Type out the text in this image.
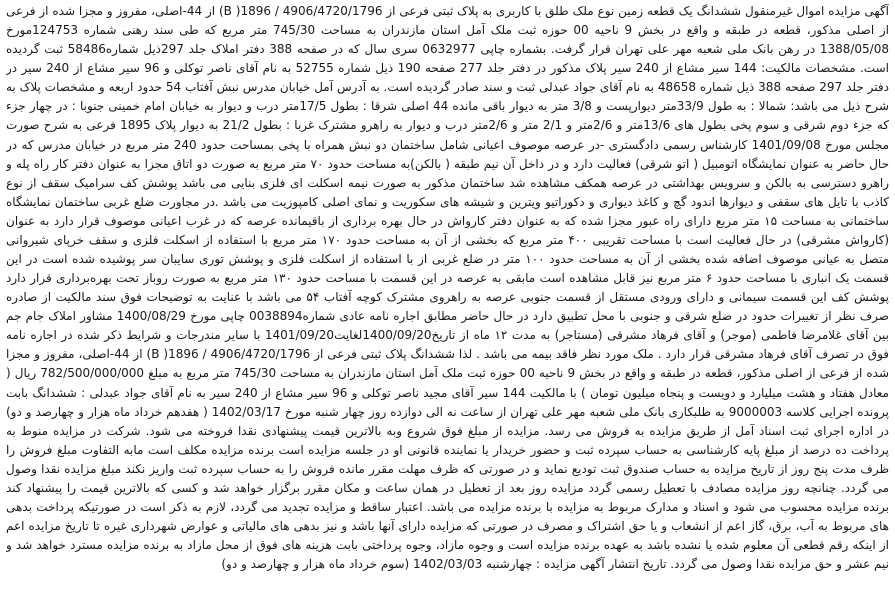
آگهی مزایده اموال غیرمنقول ششدانگ یک قطعه زمین نوع ملک طلق با کاربری به پلاک ثبتی فرعی از 4906/4720/1796 / 1896( B) از 44-اصلی، مفروز و مجزا شده از فرعی از اصلی مذکور، قطعه در طبقه و واقع در بخش 9 ناحیه 00 حوزه ثبت ملک آمل استان مازندران به مساحت 745/30 متر مربع که طی سند رهنی شماره 124753مورخ 1388/05/08 در رهن بانک ملی شعبه مهر علی تهران قرار گرفت. بشماره چاپی 0632977 سری سال که در صفحه 388 دفتر املاک جلد 297ذیل شماره58486 ثبت گردیده است. مشخصات مالکیت: 144 سیر مشاع از 240 سیر پلاک مذکور در دفتر جلد 277 صفحه 190 ذیل شماره 52755 به نام آقای ناصر توکلی و 96 سیر مشاع از 240 سیر در دفتر جلد 297 صفحه 388 ذیل شماره 48658 به نام آقای جواد عبدلی ثبت و سند صادر گردیده است. به آدرس آمل خیابان مدرس نبش آفتاب 54 حدود اربعه و مشخصات پلاک به شرح ذیل می باشد: شمالا : به طول 33/9متر دیوارپست و 3/8 متر به دیوار باقی مانده 44 اصلی شرقا : بطول 17/5متر درب و دیوار به خیابان امام خمینی جنوبا : در چهار جزء که جزء دوم شرقی و سوم پخی بطول های 13/6متر و 2/6متر و 2/1 متر و 2/6متر درب و دیوار به راهرو مشترک غربا : بطول 21/2 به دیوار پلاک 1895 فرعی به شرح صورت مجلس مورخ 1401/09/08 کارشناس رسمی دادگستری -در عرصه موصوف اعیانی شامل ساختمان دو نبش همراه با پخی بمساحت حدود 240 متر مربع در خیابان مدرس که در حال حاضر به عنوان نمایشگاه اتومبیل ( اتو شرقی) فعالیت دارد و در داخل آن نیم طبقه ( بالکن)به مساحت حدود ۷۰ متر مربع به صورت دو اتاق مجزا به عنوان دفتر کار راه پله و راهرو دسترسی به بالکن و سرویس بهداشتی در عرصه همکف مشاهده شد ساختمان مذکور به صورت نیمه اسکلت ای فلزی بنایی می باشد پوشش کف سرامیک سقف از نوع کاذب با تایل های سقفی و دیوارها اندود گچ و کاغذ دیواری و دکوراتیو ویترین و شیشه های سکوریت و نمای اصلی کامپوزیت می باشد .در مجاورت ضلع غربی ساختمان نمایشگاه ساختمانی به مساحت ۱۵ متر مربع دارای راه عبور مجزا شده که به عنوان دفتر کارواش در حال بهره برداری از باقیمانده عرصه که در غرب اعیانی موصوف قرار دارد به عنوان (کارواش مشرقی) در حال فعالیت است با مساحت تقریبی ۴۰۰ متر مربع که بخشی از آن به مساحت حدود ۱۷۰ متر مربع با استفاده از اسکلت فلزی و سقف خرپای شیروانی متصل به عیانی موصوف اضافه شده بخشی از آن به مساحت حدود ۱۰۰ متر در ضلع غربی از با استفاده از اسکلت فلزی و پوشش توری سایبان سر پوشیده شده است در این قسمت یک انباری با مساحت حدود ۶ متر مربع نیز قابل مشاهده است مابقی به عرصه در این قسمت با مساحت حدود ۱۳۰ متر مربع به صورت روباز تحت بهره‌برداری قرار دارد پوشش کف این قسمت سیمانی و دارای ورودی مستقل از قسمت جنوبی عرصه به راهروی مشترک کوچه آفتاب ۵۴ می باشد با عنایت به توضیحات فوق سند مالکیت از صادره صرف نظر از تغییرات حدود در ضلع شرقی و جنوبی با محل تطبیق دارد در حال حاضر مطابق اجاره نامه عادی شماره0038894 چاپی مورخ 1400/08/29 مشاور املاک جام جم بین آقای غلامرضا فاطمی (موجر) و آقای فرهاد مشرقی (مستاجر) به مدت ۱۲ ماه از تاریخ1400/09/20لغایت1401/09/20 با سایر مندرجات و شرایط ذکر شده در اجاره نامه فوق در تصرف آقای فرهاد مشرقی قرار دارد . ملک مورد نظر فاقد بیمه می باشد . لذا ششدانگ پلاک ثبتی فرعی از 4906/4720/1796 / 1896( B) از 44-اصلی، مفروز و مجزا شده از فرعی از اصلی مذکور، قطعه در طبقه و واقع در بخش 9 ناحیه 00 حوزه ثبت ملک آمل استان مازندران به مساحت 745/30 متر مربع به مبلغ 782/500/000/000 ریال ( معادل هفتاد و هشت میلیارد و دویست و پنجاه میلیون تومان ) با مالکیت 144 سیر آقای مجید ناصر توکلی و 96 سیر مشاع از 240 سیر به نام آقای جواد عبدلی : ششدانگ بابت پرونده اجرایی کلاسه 9000003 به طلبکاری بانک ملی شعبه مهر علی تهران از ساعت نه الی دوازده روز چهار شنبه مورخ 1402/03/17 ( هفدهم خرداد ماه هزار و چهارصد و دو) در اداره اجرای ثبت اسناد آمل از طریق مزایده به فروش می رسد. مزایده از مبلغ فوق شروع وبه بالاترین قیمت پیشنهادی نقدا فروخته می شود. شرکت در مزایده منوط به پرداخت ده درصد از مبلغ پایه کارشناسی به حساب سپرده ثبت و حضور خریدار یا نماینده قانونی او در جلسه مزایده است برنده مزایده مکلف است مابه التفاوت مبلغ فروش را ظرف مدت پنج روز از تاریخ مزایده به حساب صندوق ثبت تودیع نماید و در صورتی که ظرف مهلت مقرر مانده فروش را به حساب سپرده ثبت واریز نکند مبلغ مزایده نقدا وصول می گردد. چنانچه روز مزایده مصادف با تعطیل رسمی گردد مزایده روز بعد از تعطیل در همان ساعت و مکان مقرر برگزار خواهد شد و کسی که بالاترین قیمت را پیشنهاد کند برنده مزایده محسوب می شود و اسناد و مدارک مربوط به مزایده با برنده مزایده می باشد. اعتبار ساقط و مزایده تجدید می گردد، لازم به ذکر است در صورتیکه پرداخت بدهی های مربوط به آب، برق، گاز اعم از انشعاب و یا حق اشتراک و مصرف در صورتی که مزایده دارای آنها باشد و نیز بدهی های مالیاتی و عوارض شهرداری غیره تا تاریخ مزایده اعم از اینکه رقم قطعی آن معلوم شده یا نشده باشد به عهده برنده مزایده است و وجوه مازاد، وجوه پرداختی بابت هزینه های فوق از محل مازاد به برنده مزایده مسترد خواهد شد و نیم عشر و حق مزایده نقدا وصول می گردد. تاریخ انتشار آگهی مزایده : چهارشنبه 1402/03/03 (سوم خرداد ماه هزار و چهارصد و دو)
